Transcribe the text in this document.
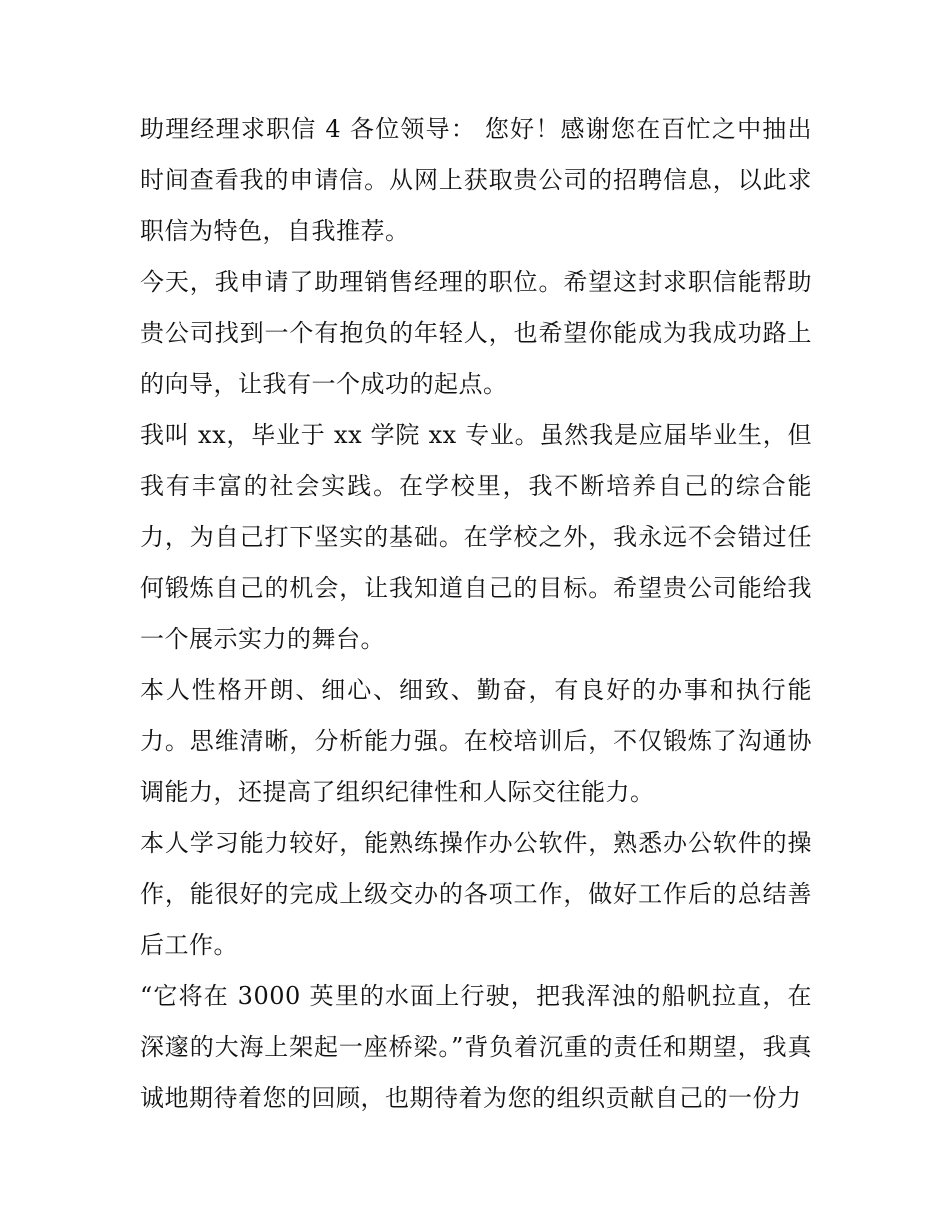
助理经理求职信 4 各位领导： 您好！感谢您在百忙之中抽出时间查看我的申请信。从网上获取贵公司的招聘信息，以此求职信为特色，自我推荐。

今天，我申请了助理销售经理的职位。希望这封求职信能帮助贵公司找到一个有抱负的年轻人，也希望你能成为我成功路上的向导，让我有一个成功的起点。

我叫 xx，毕业于 xx 学院 xx 专业。虽然我是应届毕业生，但我有丰富的社会实践。在学校里，我不断培养自己的综合能力，为自己打下坚实的基础。在学校之外，我永远不会错过任何锻炼自己的机会，让我知道自己的目标。希望贵公司能给我一个展示实力的舞台。

本人性格开朗、细心、细致、勤奋，有良好的办事和执行能力。思维清晰，分析能力强。在校培训后，不仅锻炼了沟通协调能力，还提高了组织纪律性和人际交往能力。

本人学习能力较好，能熟练操作办公软件，熟悉办公软件的操作，能很好的完成上级交办的各项工作，做好工作后的总结善后工作。

“它将在 3000 英里的水面上行驶，把我浑浊的船帆拉直，在深邃的大海上架起一座桥梁。”背负着沉重的责任和期望，我真诚地期待着您的回顾，也期待着为您的组织贡献自己的一份力
